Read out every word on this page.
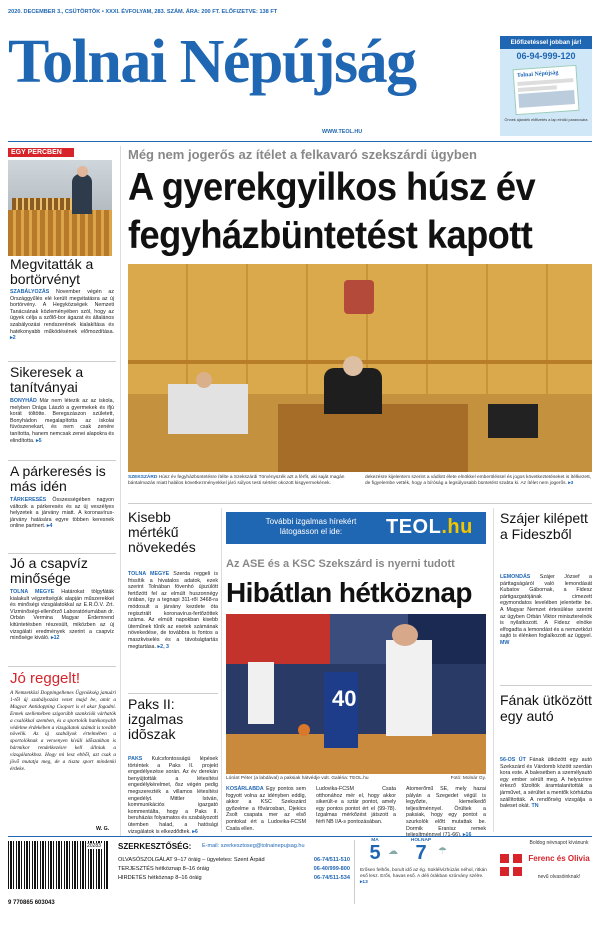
2020. DECEMBER 3., CSÜTÖRTÖK • XXXI. ÉVFOLYAM, 283. SZÁM. ÁRA: 200 FT. ELŐFIZETVE: 138 FT
Tolnai Népújság
WWW.TEOL.HU
Előfizetéssel jobban jár!
06-94-999-120
Tolnai Népújság
Önnek ajándék előfizetés a lap elnöki parancsára
EGY PERCBEN
Megvitatták a bortörvényt
SZABÁLYOZÁS November végén az Országgyűlés elé került megvitatásra az új bortörvény. A Hegyközségek Nemzeti Tanácsának közleményében szól, hogy az ügyek célja a szőlő-bor ágazat és általános szabályozási rendszerének kialakítása és hatékonyabb működésének előmozdítása. ▸2
Sikeresek a tanítványai
BONYHÁD Már nem létezik az az iskola, melyben Drága László a gyermekek és ifjú korát töltötte. Beregszászon született, Bonyhádon megalapította az iskolai fúvószenekart, és nem csak zenére tanította, hanem nemcsak zenei alapokra és elindította. ▸5
A párkeresés is más idén
TÁRKERESÉS Összességében nagyon változik a párkeresés és az új veszélyes helyzetek a járvány miatt. A koronavírus-járvány hatására egyre többen keresnek online partnert. ▸4
Jó a csapvíz minősége
TOLNA MEGYE Határokat tölgyfáták kialakult végzettségük alapján műszerekkel és minőségi vizsgálatokkal az E.R.Ö.V. Zrt. Vízminőségi-ellenőrző Laboratóriumában dr. Orbán Vermina Magyar Érdemrend kitüntetésben részesült, miközben az új vizsgálati eredmények szerint a csapvíz minősége kiváló. ▸12
Jó reggelt!
A Nemzetközi Doppingellenes Ügynökség januári 1-től új szabályozást vezet majd be, amit a Magyar Antidopping Csoport is el akar fogadni. Ennek szellemében szigorúbb szankciók várhatók a csalókkal szemben, és a sportolók hatékonyabb védelme érdekében a vizsgálatok számát is tovább növelik. Az új szabályok értelmében a sportolóknak a versenyen kívüli időszakban is bármikor rendelkezésre kell állniuk a vizsgálatokhoz. Hogy mi lesz ebből, azt csak a jövő mutatja meg, de a tiszta sport mindenki érdeke.
W. G.
Még nem jogerős az ítélet a felkavaró szekszárdi ügyben
A gyerekgyilkos húsz év
fegyházbüntetést kapott
SZEKSZÁRD Húsz év fegyházbüntetésre ítélte a Szekszárdi Törvényszék azt a férfit, aki saját magán bántalmazás miatt halálos következményekkel járó súlyos testi sértést okozott kisgyermekének.
dekezésre kijelentem szerint a vádlott élete elnökkel emberöléssel és jogos következtetéseket is ítélkezett, de figyelembe vették, hogy a bíróság a legsúlyosabb büntetést szabta ki. Az ítélet nem jogerős. ▸3
Kisebb mértékű növekedés
TOLNA MEGYE Szerda reggeli is frissítik a hivatalos adatok, ezek szerint Tolnában fövenhó újszülött fertőzött fel az elmúlt huszonnégy órában, így a tegnapi 311-ről 3468-ra módosult a járvány kezdete óta regisztrált koronavírus-fertőzöttek száma. Az elmúlt napokban kisebb üteműnek tűnik az esetek számának növekedése, de továbbra is fontos a maszkviselés és a távolságtartás megtartása. ▸2, 3
Paks II: izgalmas idõszak
PAKS Kulcsfontosságú lépések történtek a Paks II. projekt engedélyezése során. Az év derekán benyújtották a létesítési engedélykérelmet, ősz végén pedig megszerezték a villamos létesítési engedélyt. Mittler István, kommunikációs igazgató kommentálta, hogy a Paks II. beruházás folyamatos és szabályozott ütemben halad, a hatósági vizsgálatok is elkezdődtek. ▸6
További izgalmas hírekért
látogasson el ide:	TEOL.hu
Az ASE és a KSC Szekszárd is nyerni tudott
Hibátlan hétköznap
40
Lóránt Péter (a labdával) a paksiak hátvédje volt. Galéria: TEOL.hu	Fotó: Molnár Gy.
KOSÁRLABDA Egy pontos sem fogyott volna az idényben eddig, akkor a KSC Szekszárd győzelme a fővárosban, Djekics Zsolt csapata mer az első pontokat ért a Ludovika-FCSM Csata ellen.
Ludovika-FCSM Csata otthonához mér el, hogy akkor sikerült-e a sztár pontot, amely egy pontos pontot ért el (99-78). Izgalmas mérkőzést játszott a férfi NB I/A-s pontozásában.
Atomerőmű SE, mely hazai pályán a Szegedet végül is legyőzte, kiemelkedő teljesítménnyel. Örültek a paksiak, hogy egy pontot a szurkolók előtt mutattak be. Dormik Eranisz remek
Szájer kilépett a Fideszből
LEMONDÁS Szájer József a párttagságáról való lemondását Kubatov Gábornak, a Fidesz pártigazgatójának címezett egymondatos levelében jelentette be. A Magyar Nemzet értesülése szerint az ügyben Orbán Viktor miniszterelnök is nyilatkozott. A Fidesz elnöke elfogadta a lemondást és a nemzetközi sajtó is élénken foglalkozott az üggyel. MW
Fának ütközött egy autó
56-OS ÚT Fának ütközött egy autó Szekszárd és Várdomb között szerdán kora este. A balesetben a személyautó egy ember sérült meg. A helyszínre érkező tűzoltók áramtalanították a járművet, a sérültet a mentők kórházba szállították. A rendőrség vizsgálja a baleset okát. TN
9 770865 603043
20283 SZERKESZTŐSÉG: E-mail: szerkesztoseg@tolnainepujsag.hu
OLVASÓSZOLGÁLAT 9–17 óráig – ügyeletes: Szent Árpád	06-74/511-510
TERJESZTÉS hétköznap 8–16 óráig	06-40/999-800
HIRDETÉS hétköznap 8–16 óráig	06-74/511-534
MA
5
HOLNAP
7
☁	☂
Erősen felhős, borult idő az ég. Soklélvízhúzás néhol, ritkán eső lesz. Erős, havas eső. A déli órákban szórvány szélre. ▸13
Boldog névnapot kívánunk
Ferenc és Olivia
nevű olvasóinknak!
